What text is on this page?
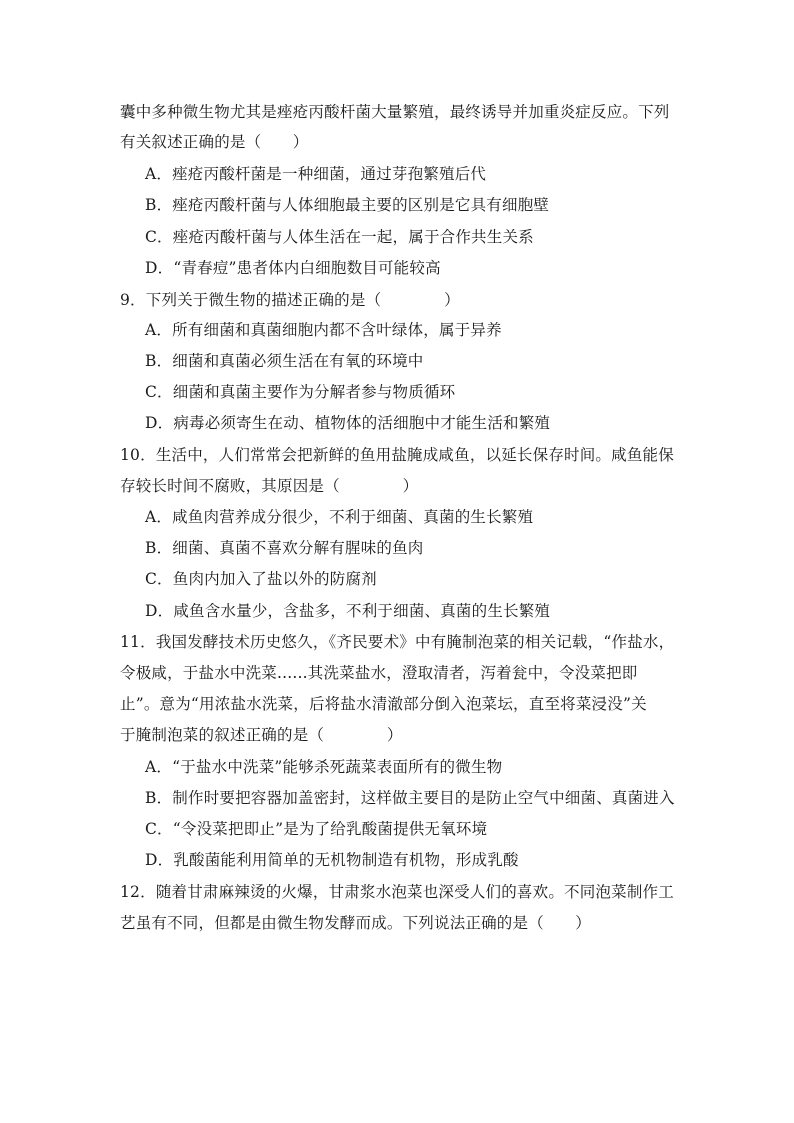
囊中多种微生物尤其是痤疮丙酸杆菌大量繁殖，最终诱导并加重炎症反应。下列
有关叙述正确的是（　　）
A．痤疮丙酸杆菌是一种细菌，通过芽孢繁殖后代
B．痤疮丙酸杆菌与人体细胞最主要的区别是它具有细胞壁
C．痤疮丙酸杆菌与人体生活在一起，属于合作共生关系
D．“青春痘”患者体内白细胞数目可能较高
9．下列关于微生物的描述正确的是（　　　　）
A．所有细菌和真菌细胞内都不含叶绿体，属于异养
B．细菌和真菌必须生活在有氧的环境中
C．细菌和真菌主要作为分解者参与物质循环
D．病毒必须寄生在动、植物体的活细胞中才能生活和繁殖
10．生活中，人们常常会把新鲜的鱼用盐腌成咸鱼，以延长保存时间。咸鱼能保
存较长时间不腐败，其原因是（　　　　）
A．咸鱼肉营养成分很少，不利于细菌、真菌的生长繁殖
B．细菌、真菌不喜欢分解有腥味的鱼肉
C．鱼肉内加入了盐以外的防腐剂
D．咸鱼含水量少，含盐多，不利于细菌、真菌的生长繁殖
11．我国发酵技术历史悠久，《齐民要术》中有腌制泡菜的相关记载，“作盐水，
令极咸，于盐水中洗菜......其洗菜盐水，澄取清者，泻着瓮中，令没菜把即
止”。意为“用浓盐水洗菜，后将盐水清澈部分倒入泡菜坛，直至将菜浸没”关
于腌制泡菜的叙述正确的是（　　　　）
A．“于盐水中洗菜”能够杀死蔬菜表面所有的微生物
B．制作时要把容器加盖密封，这样做主要目的是防止空气中细菌、真菌进入
C．“令没菜把即止”是为了给乳酸菌提供无氧环境
D．乳酸菌能利用简单的无机物制造有机物，形成乳酸
12．随着甘肃麻辣烫的火爆，甘肃浆水泡菜也深受人们的喜欢。不同泡菜制作工
艺虽有不同，但都是由微生物发酵而成。下列说法正确的是（　　）
